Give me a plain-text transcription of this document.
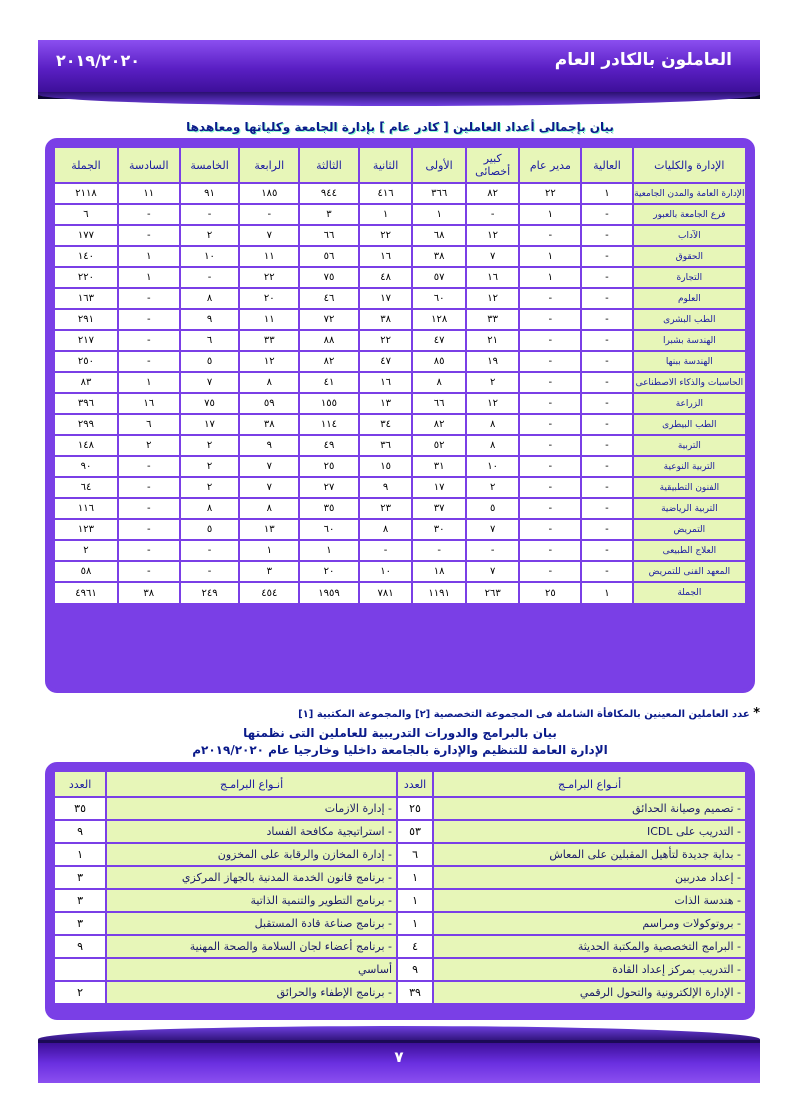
العاملون بالكادر العام
٢٠١٩/٢٠٢٠
بيان بإجمالى أعداد العاملين [ كادر عام ] بإدارة الجامعة وكلياتها ومعاهدها
الإدارة والكليات	العالية	مدير عام	كبير أخصائى	الأولى	الثانية	الثالثة	الرابعة	الخامسة	السادسة	الجملة
الإدارة العامة والمدن الجامعية	١	٢٢	٨٢	٣٦٦	٤١٦	٩٤٤	١٨٥	٩١	١١	٢١١٨
فرع الجامعة بالعبور	-	١	-	١	١	٣	-	-	-	٦
الآداب	-	-	١٢	٦٨	٢٢	٦٦	٧	٢	-	١٧٧
الحقوق	-	١	٧	٣٨	١٦	٥٦	١١	١٠	١	١٤٠
التجارة	-	١	١٦	٥٧	٤٨	٧٥	٢٢	-	١	٢٢٠
العلوم	-	-	١٢	٦٠	١٧	٤٦	٢٠	٨	-	١٦٣
الطب البشرى	-	-	٣٣	١٢٨	٣٨	٧٢	١١	٩	-	٢٩١
الهندسة بشبرا	-	-	٢١	٤٧	٢٢	٨٨	٣٣	٦	-	٢١٧
الهندسة ببنها	-	-	١٩	٨٥	٤٧	٨٢	١٢	٥	-	٢٥٠
الحاسبات والذكاء الاصطناعى	-	-	٢	٨	١٦	٤١	٨	٧	١	٨٣
الزراعة	-	-	١٢	٦٦	١٣	١٥٥	٥٩	٧٥	١٦	٣٩٦
الطب البيطرى	-	-	٨	٨٢	٣٤	١١٤	٣٨	١٧	٦	٢٩٩
التربية	-	-	٨	٥٢	٣٦	٤٩	٩	٢	٢	١٤٨
التربية النوعية	-	-	١٠	٣١	١٥	٢٥	٧	٢	-	٩٠
الفنون التطبيقية	-	-	٢	١٧	٩	٢٧	٧	٢	-	٦٤
التربية الرياضية	-	-	٥	٣٧	٢٣	٣٥	٨	٨	-	١١٦
التمريض	-	-	٧	٣٠	٨	٦٠	١٣	٥	-	١٢٣
العلاج الطبيعى	-	-	-	-	-	١	١	-	-	٢
المعهد الفنى للتمريض	-	-	٧	١٨	١٠	٢٠	٣	-	-	٥٨
الجملة	١	٢٥	٢٦٣	١١٩١	٧٨١	١٩٥٩	٤٥٤	٢٤٩	٣٨	٤٩٦١
* عدد العاملين المعينين بالمكافأة الشاملة فى المجموعة التخصصية [٢] والمجموعة المكتبية [١]
بيان بالبرامج والدورات التدريبية للعاملين التى نظمتها
الإدارة العامة للتنظيم والإدارة بالجامعة داخليا وخارجيا عام ٢٠١٩/٢٠٢٠م
أنـواع البرامـج	العدد	أنـواع البرامـج	العدد
- تصميم وصيانة الحدائق	٢٥	- إدارة الازمات	٣٥
- التدريب على ICDL	٥٣	- استراتيجية مكافحة الفساد	٩
- بداية جديدة لتأهيل المقبلين على المعاش	٦	- إدارة المخازن والرقابة على المخزون	١
- إعداد مدربين	١	- برنامج قانون الخدمة المدنية بالجهاز المركزي	٣
- هندسة الذات	١	- برنامج التطوير والتنمية الذاتية	٣
- بروتوكولات ومراسم	١	- برنامج صناعة قادة المستقبل	٣
- البرامج التخصصية والمكتبة الحديثة	٤	- برنامج أعضاء لجان السلامة والصحة المهنية	٩
- التدريب بمركز إعداد القادة	٩	أساسي	
- الإدارة الإلكترونية والتحول الرقمي	٣٩	- برنامج الإطفاء والحرائق	٢
٧
